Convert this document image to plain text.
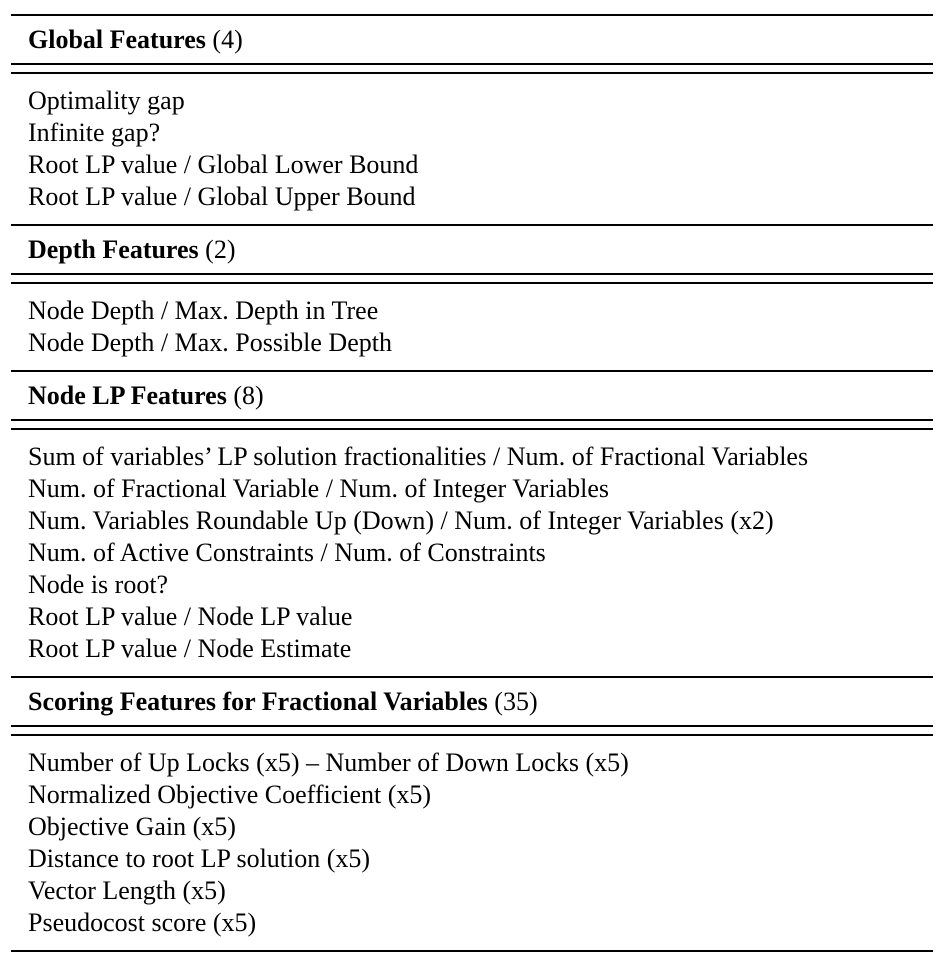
Global Features (4)
Optimality gap
Infinite gap?
Root LP value / Global Lower Bound
Root LP value / Global Upper Bound
Depth Features (2)
Node Depth / Max. Depth in Tree
Node Depth / Max. Possible Depth
Node LP Features (8)
Sum of variables’ LP solution fractionalities / Num. of Fractional Variables
Num. of Fractional Variable / Num. of Integer Variables
Num. Variables Roundable Up (Down) / Num. of Integer Variables (x2)
Num. of Active Constraints / Num. of Constraints
Node is root?
Root LP value / Node LP value
Root LP value / Node Estimate
Scoring Features for Fractional Variables (35)
Number of Up Locks (x5) – Number of Down Locks (x5)
Normalized Objective Coefficient (x5)
Objective Gain (x5)
Distance to root LP solution (x5)
Vector Length (x5)
Pseudocost score (x5)
